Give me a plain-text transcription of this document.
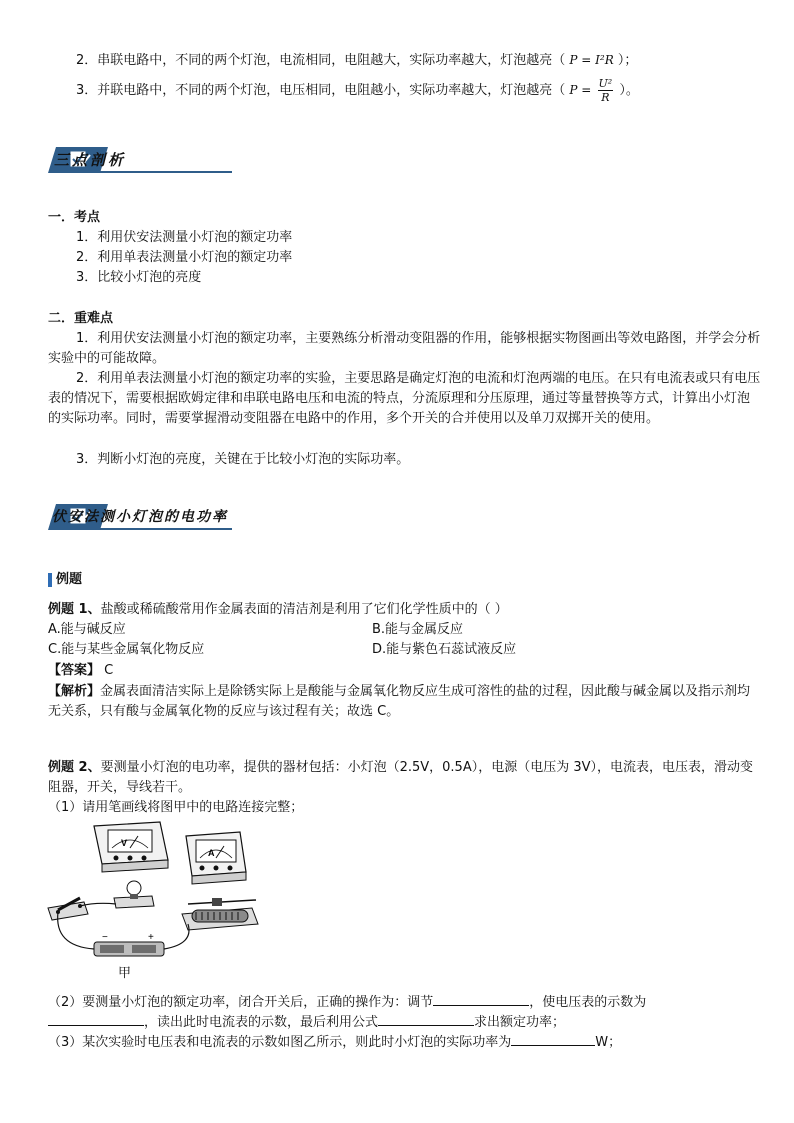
2．串联电路中，不同的两个灯泡，电流相同，电阻越大，实际功率越大，灯泡越亮（ P = I²R ）；
3．并联电路中，不同的两个灯泡，电压相同，电阻越小，实际功率越大，灯泡越亮（ $P = \frac{\text{U²}}{R}$ ）。
三点剖析
一．考点
1．利用伏安法测量小灯泡的额定功率
2．利用单表法测量小灯泡的额定功率
3．比较小灯泡的亮度
二．重难点
1．利用伏安法测量小灯泡的额定功率，主要熟练分析滑动变阻器的作用，能够根据实物图画出等效电路图，并学会分析实验中的可能故障。
2．利用单表法测量小灯泡的额定功率的实验，主要思路是确定灯泡的电流和灯泡两端的电压。在只有电流表或只有电压表的情况下，需要根据欧姆定律和串联电路电压和电流的特点，分流原理和分压原理，通过等量替换等方式，计算出小灯泡的实际功率。同时，需要掌握滑动变阻器在电路中的作用，多个开关的合并使用以及单刀双掷开关的使用。
3．判断小灯泡的亮度，关键在于比较小灯泡的实际功率。
伏安法测小灯泡的电功率
例题
例题 1、盐酸或稀硫酸常用作金属表面的清洁剂是利用了它们化学性质中的（ ）
A.能与碱反应	B.能与金属反应
C.能与某些金属氧化物反应	D.能与紫色石蕊试液反应
【答案】 C
【解析】金属表面清洁实际上是除锈实际上是酸能与金属氧化物反应生成可溶性的盐的过程，因此酸与碱金属以及指示剂均无关系，只有酸与金属氧化物的反应与该过程有关；故选 C。
例题 2、要测量小灯泡的电功率，提供的器材包括：小灯泡（2.5V，0.5A），电源（电压为 3V），电流表，电压表，滑动变阻器，开关，导线若干。
（1）请用笔画线将图甲中的电路连接完整；
V
A
−	+
甲
（2）要测量小灯泡的额定功率，闭合开关后，正确的操作为：调节	，使电压表的示数为
，读出此时电流表的示数，最后利用公式	求出额定功率；
（3）某次实验时电压表和电流表的示数如图乙所示，则此时小灯泡的实际功率为	W；
